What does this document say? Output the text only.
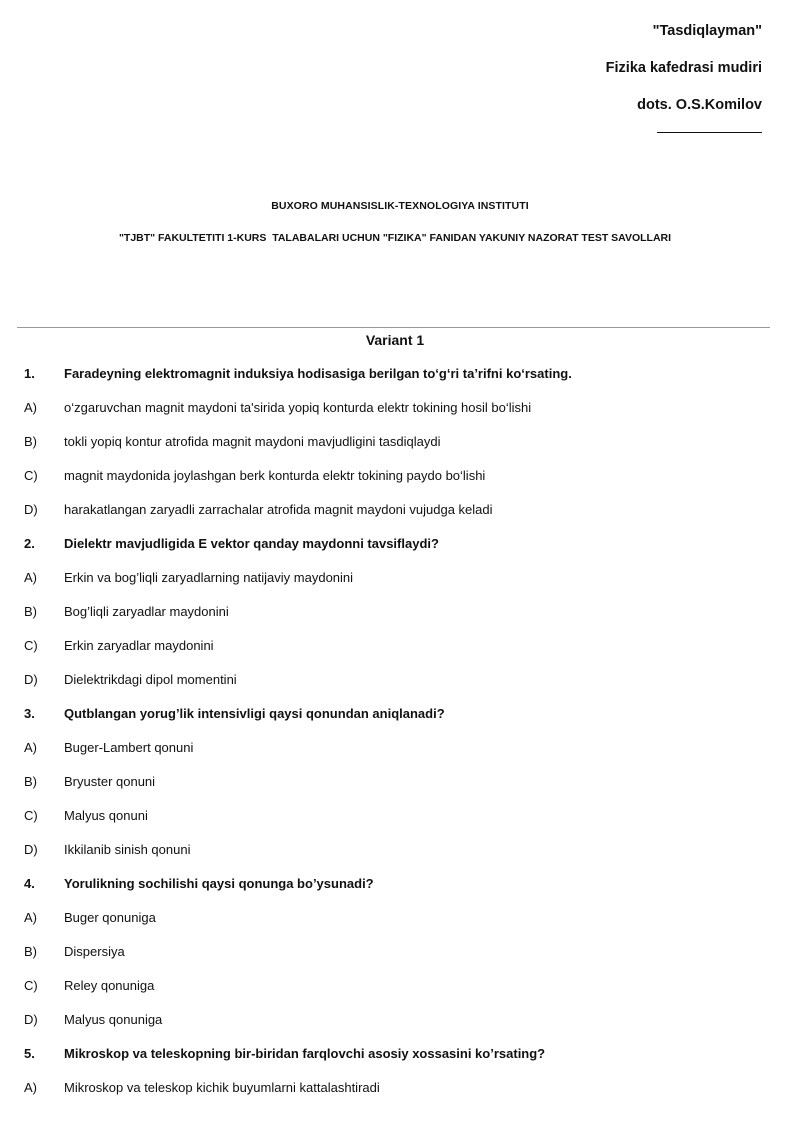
"Tasdiqlayman"
Fizika kafedrasi mudiri
dots. O.S.Komilov
BUXORO MUHANSISLIK-TEXNOLOGIYA INSTITUTI
"TJBT" FAKULTETITI 1-KURS  TALABALARI UCHUN "FIZIKA" FANIDAN YAKUNIY NAZORAT TEST SAVOLLARI
Variant 1
1. Faradeyning elektromagnit induksiya hodisasiga berilgan to‘g‘ri ta’rifni ko‘rsating.
A) o‘zgaruvchan magnit maydoni ta'sirida yopiq konturda elektr tokining hosil bo‘lishi
B) tokli yopiq kontur atrofida magnit maydoni mavjudligini tasdiqlaydi
C) magnit maydonida joylashgan berk konturda elektr tokining paydo bo‘lishi
D) harakatlangan zaryadli zarrachalar atrofida magnit maydoni vujudga keladi
2. Dielektr mavjudligida E vektor qanday maydonni tavsiflaydi?
A) Erkin va bog’liqli zaryadlarning natijaviy maydonini
B) Bog’liqli zaryadlar maydonini
C) Erkin zaryadlar maydonini
D) Dielektrikdagi dipol momentini
3. Qutblangan yorug’lik intensivligi qaysi qonundan aniqlanadi?
A) Buger-Lambert qonuni
B) Bryuster qonuni
C) Malyus qonuni
D) Ikkilanib sinish qonuni
4. Yorulikning sochilishi qaysi qonunga bo’ysunadi?
A) Buger qonuniga
B) Dispersiya
C) Reley qonuniga
D) Malyus qonuniga
5. Mikroskop va teleskopning bir-biridan farqlovchi asosiy xossasini ko’rsating?
A) Mikroskop va teleskop kichik buyumlarni kattalashtiradi
